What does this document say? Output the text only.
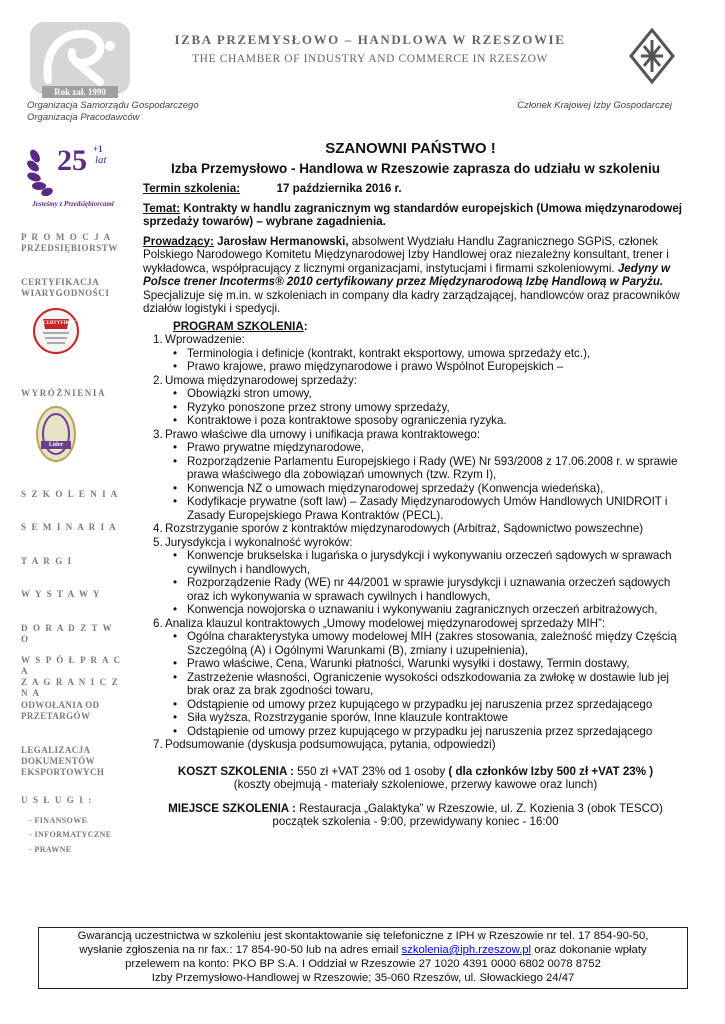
Rok zał. 1990
IZBA PRZEMYSŁOWO – HANDLOWA W RZESZOWIE
THE CHAMBER OF INDUSTRY AND COMMERCE IN RZESZOW
Organizacja Samorządu Gospodarczego
Organizacja Pracodawców
Członek Krajowej Izby Gospodarczej
25 +1
lat
Jesteśmy z Przedsiębiorcami
P R O M O C J A
PRZEDSIĘBIORSTW
CERTYFIKACJA
WIARYGODNOŚCI
CERTYFIKAT
WYRÓŻNIENIA
Lider
S Z K O L E N I A
S E M I N A R I A
T A R G I
W Y S T A W Y
D O R A D Z T W O
W S P Ó Ł P R A C A
Z A G R A N I C Z N A
ODWOŁANIA OD
PRZETARGÓW
LEGALIZACJA
DOKUMENTÓW
EKSPORTOWYCH
U S Ł U G I :
- FINANSOWE
- INFORMATYCZNE
- PRAWNE
SZANOWNI PAŃSTWO !
Izba Przemysłowo - Handlowa w Rzeszowie zaprasza do udziału w szkoleniu
Termin szkolenia:	17 października 2016 r.
Temat: Kontrakty w handlu zagranicznym wg standardów europejskich (Umowa międzynarodowej sprzedaży towarów) – wybrane zagadnienia.
Prowadzący: Jarosław Hermanowski, absolwent Wydziału Handlu Zagranicznego SGPiS, członek Polskiego Narodowego Komitetu Międzynarodowej Izby Handlowej oraz niezależny konsultant, trener i wykładowca, współpracujący z licznymi organizacjami, instytucjami i firmami szkoleniowymi. Jedyny w Polsce trener Incoterms® 2010 certyfikowany przez Międzynarodową Izbę Handlową w Paryżu. Specjalizuje się m.in. w szkoleniach in company dla kadry zarządzającej, handlowców oraz pracowników działów logistyki i spedycji.
PROGRAM SZKOLENIA:
1. Wprowadzenie:
• Terminologia i definicje (kontrakt, kontrakt eksportowy, umowa sprzedaży etc.),
• Prawo krajowe, prawo międzynarodowe i prawo Wspólnot Europejskich –
2. Umowa międzynarodowej sprzedaży:
• Obowiązki stron umowy,
• Ryzyko ponoszone przez strony umowy sprzedaży,
• Kontraktowe i poza kontraktowe sposoby ograniczenia ryzyka.
3. Prawo właściwe dla umowy i unifikacja prawa kontraktowego:
• Prawo prywatne międzynarodowe,
• Rozporządzenie Parlamentu Europejskiego i Rady (WE) Nr 593/2008 z 17.06.2008 r. w sprawie prawa właściwego dla zobowiązań umownych (tzw. Rzym I),
• Konwencja NZ o umowach międzynarodowej sprzedaży (Konwencja wiedeńska),
• Kodyfikacje prywatne (soft law) – Zasady Międzynarodowych Umów Handlowych UNIDROIT i Zasady Europejskiego Prawa Kontraktów (PECL).
4. Rozstrzyganie sporów z kontraktów międzynarodowych (Arbitraż, Sądownictwo powszechne)
5. Jurysdykcja i wykonalność wyroków:
• Konwencje brukselska i lugańska o jurysdykcji i wykonywaniu orzeczeń sądowych w sprawach cywilnych i handlowych,
• Rozporządzenie Rady (WE) nr 44/2001 w sprawie jurysdykcji i uznawania orzeczeń sądowych oraz ich wykonywania w sprawach cywilnych i handlowych,
• Konwencja nowojorska o uznawaniu i wykonywaniu zagranicznych orzeczeń arbitrażowych,
6. Analiza klauzul kontraktowych „Umowy modelowej międzynarodowej sprzedaży MIH”:
• Ogólna charakterystyka umowy modelowej MIH (zakres stosowania, zależność między Częścią Szczególną (A) i Ogólnymi Warunkami (B), zmiany i uzupełnienia),
• Prawo właściwe, Cena, Warunki płatności, Warunki wysyłki i dostawy, Termin dostawy,
• Zastrzeżenie własności, Ograniczenie wysokości odszkodowania za zwłokę w dostawie lub jej brak oraz za brak zgodności towaru,
• Odstąpienie od umowy przez kupującego w przypadku jej naruszenia przez sprzedającego
• Siła wyższa, Rozstrzyganie sporów, Inne klauzule kontraktowe
• Odstąpienie od umowy przez kupującego w przypadku jej naruszenia przez sprzedającego
7. Podsumowanie (dyskusja podsumowująca, pytania, odpowiedzi)
KOSZT SZKOLENIA : 550 zł +VAT 23% od 1 osoby ( dla członków Izby 500 zł +VAT 23% )
(koszty obejmują - materiały szkoleniowe, przerwy kawowe oraz lunch)
MIEJSCE SZKOLENIA : Restauracja „Galaktyka” w Rzeszowie, ul. Z. Kozienia 3 (obok TESCO)
początek szkolenia - 9:00, przewidywany koniec - 16:00
Gwarancją uczestnictwa w szkoleniu jest skontaktowanie się telefoniczne z IPH w Rzeszowie nr tel. 17 854-90-50,
wysłanie zgłoszenia na nr fax.: 17 854-90-50 lub na adres email szkolenia@iph.rzeszow.pl oraz dokonanie wpłaty
przelewem na konto: PKO BP S.A. I Oddział w Rzeszowie 27 1020 4391 0000 6802 0078 8752
Izby Przemysłowo-Handlowej w Rzeszowie; 35-060 Rzeszów, ul. Słowackiego 24/47
